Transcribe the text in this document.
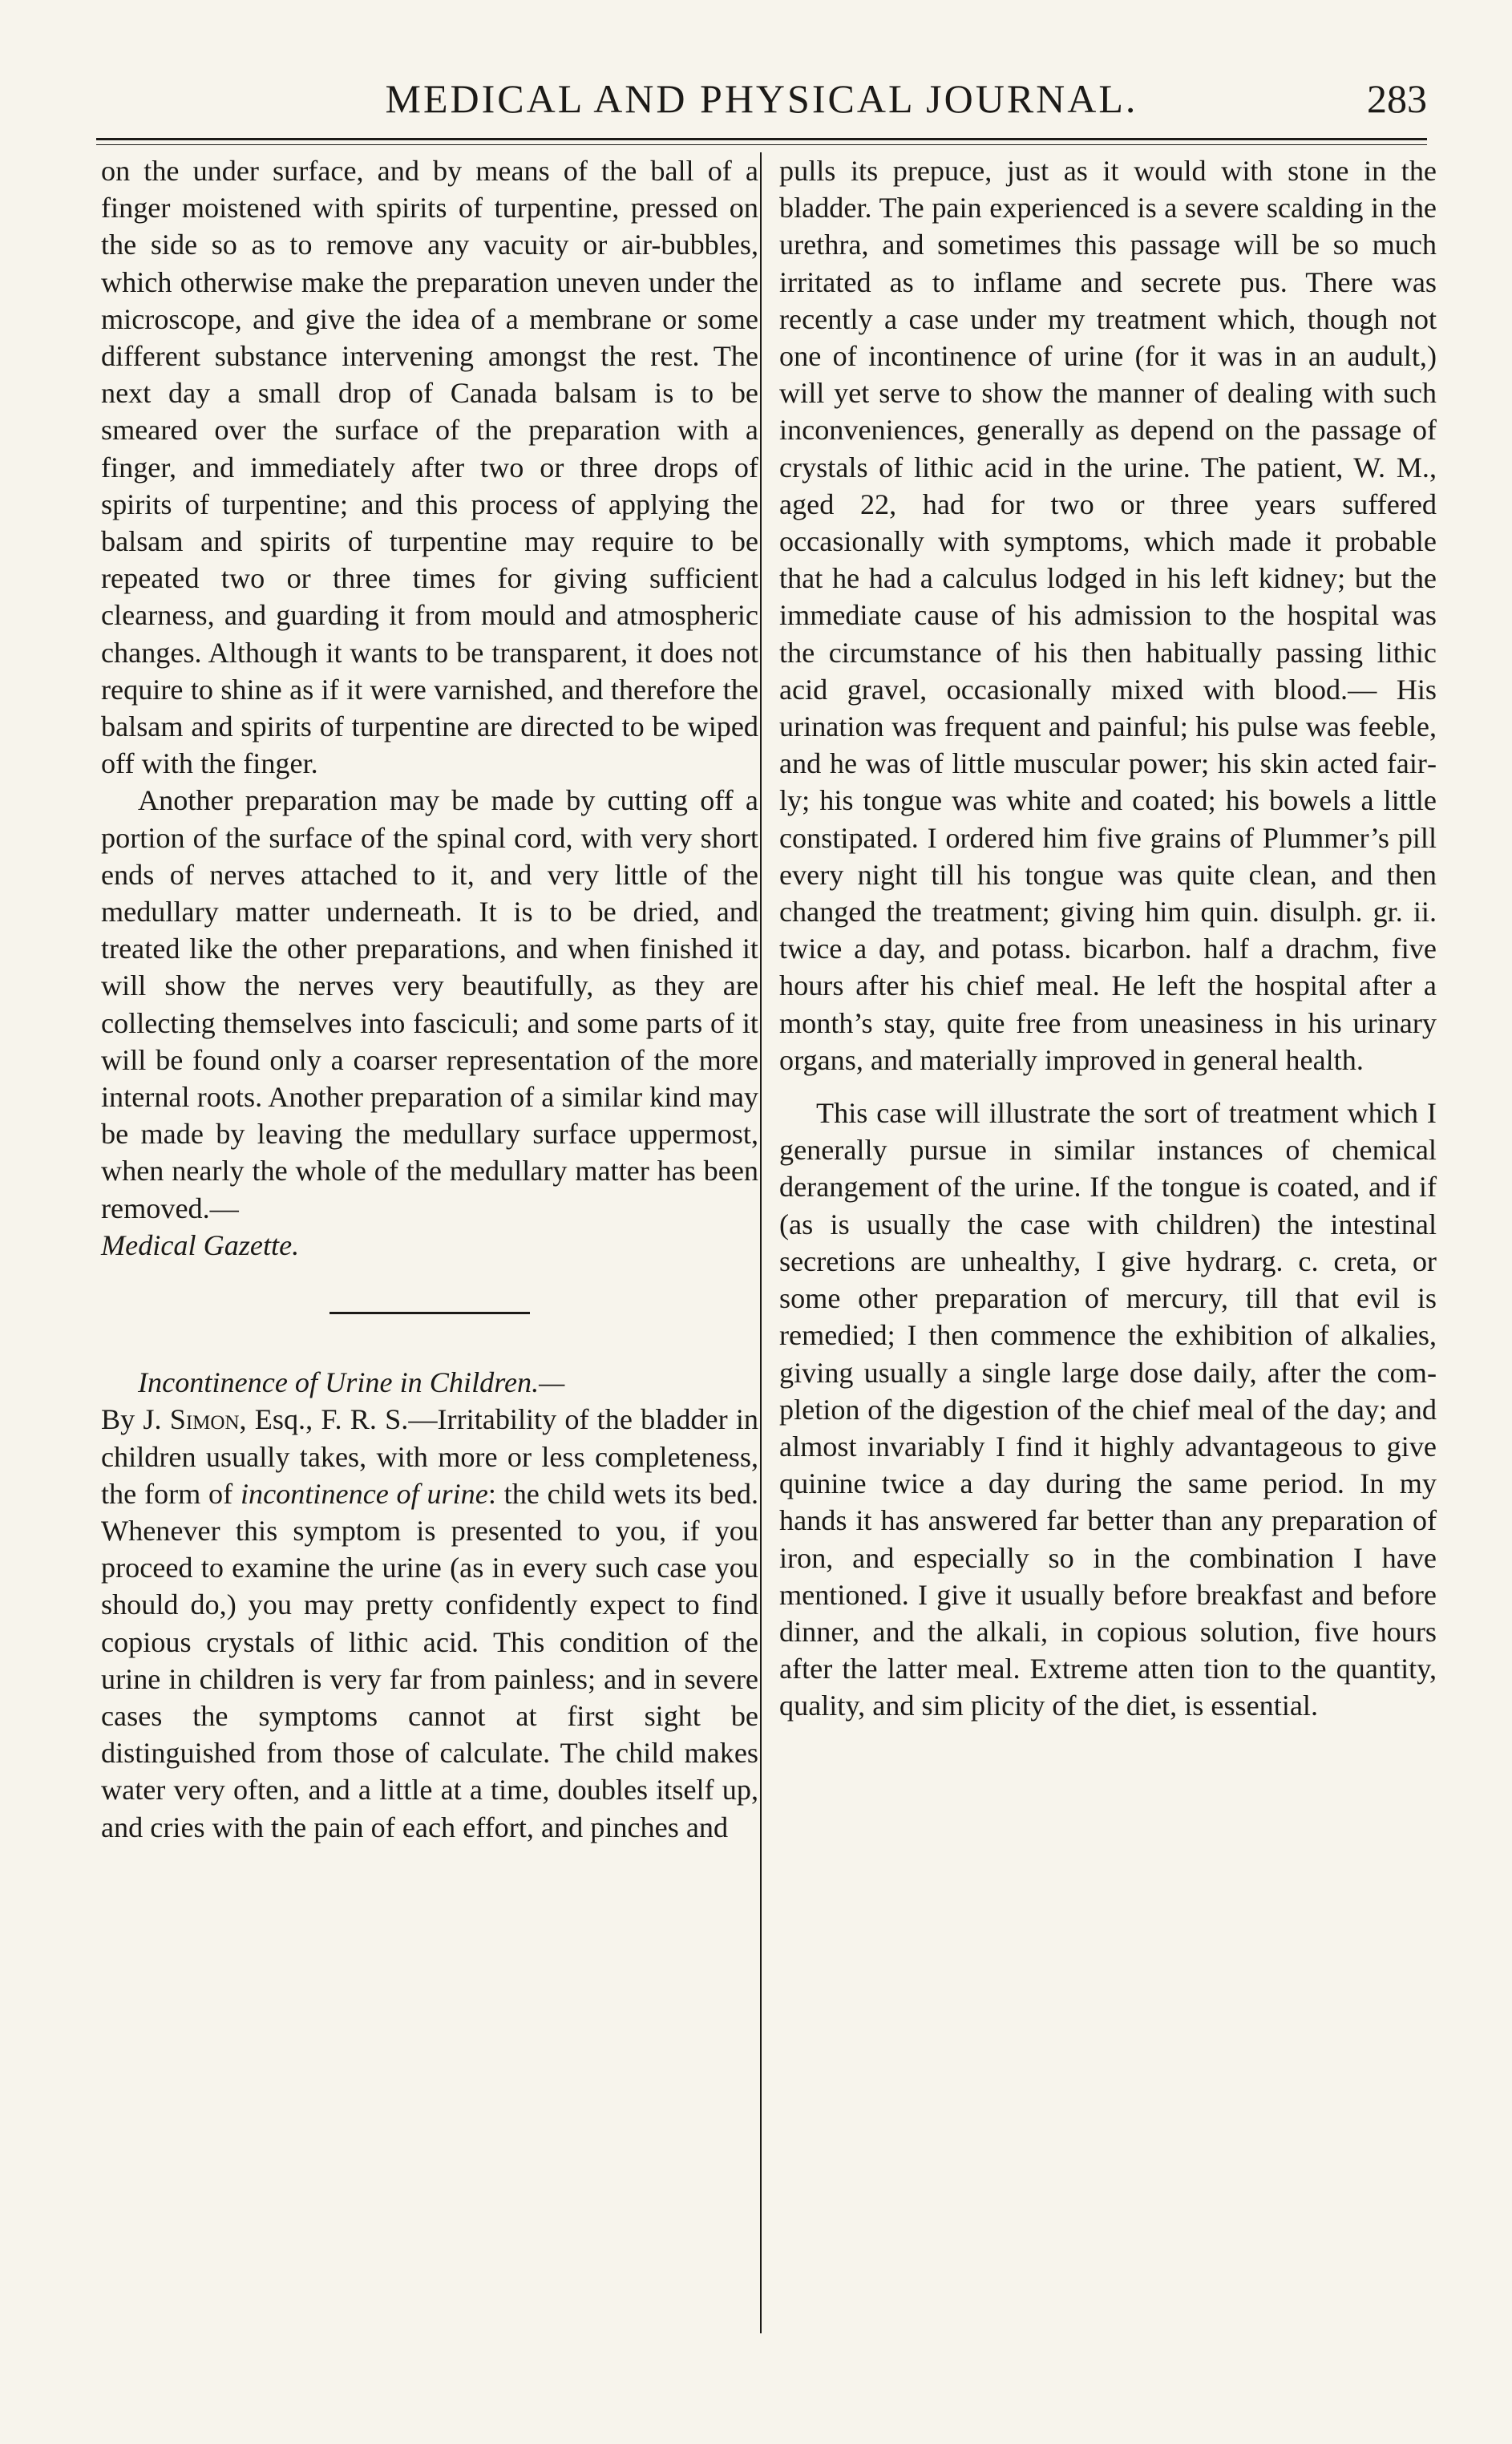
MEDICAL AND PHYSICAL JOURNAL.	283

on the under surface, and by means of the ball of a finger moistened with spirits of turpentine, pressed on the side so as to remove any vacuity or air-bubbles, which otherwise make the preparation uneven under the microscope, and give the idea of a membrane or some different substance intervening amongst the rest. The next day a small drop of Canada balsam is to be smeared over the surface of the preparation with a finger, and immediately after two or three drops of spirits of turpentine; and this process of applying the balsam and spirits of turpentine may require to be repeated two or three times for giving sufficient clearness, and guarding it from mould and atmospheric changes. Although it wants to be transparent, it does not require to shine as if it were varnished, and therefore the balsam and spirits of turpentine are directed to be wiped off with the finger.

Another preparation may be made by cutting off a portion of the surface of the spinal cord, with very short ends of nerves attached to it, and very little of the medullary matter underneath. It is to be dried, and treated like the other preparations, and when finished it will show the nerves very beautifully, as they are collecting themselves into fasciculi; and some parts of it will be found only a coarser representation of the more internal roots. Another preparation of a similar kind may be made by leaving the medullary surface uppermost, when nearly the whole of the medullary matter has been removed.—
Medical Gazette.

Incontinence of Urine in Children.—
By J. Simon, Esq., F. R. S.—Irritability of the bladder in children usually takes, with more or less completeness, the form of incontinence of urine: the child wets its bed. Whenever this symptom is presented to you, if you proceed to examine the urine (as in every such case you should do,) you may pretty confidently expect to find copious crystals of lithic acid. This condition of the urine in children is very far from painless; and in severe cases the symptoms cannot at first sight be distinguished from those of calculate. The child makes water very often, and a little at a time, doubles itself up, and cries with the pain of each effort, and pinches and

pulls its prepuce, just as it would with stone in the bladder. The pain experienced is a severe scalding in the urethra, and sometimes this passage will be so much irritated as to inflame and secrete pus. There was recently a case under my treatment which, though not one of incontinence of urine (for it was in an audult,) will yet serve to show the manner of dealing with such inconveniences, generally as depend on the passage of crystals of lithic acid in the urine. The patient, W. M., aged 22, had for two or three years suffered occasionally with symptoms, which made it probable that he had a calculus lodged in his left kidney; but the immediate cause of his admission to the hospital was the circumstance of his then habitually passing lithic acid gravel, occasionally mixed with blood.— His urination was frequent and painful; his pulse was feeble, and he was of little muscular power; his skin acted fairly; his tongue was white and coated; his bowels a little constipated. I ordered him five grains of Plummer’s pill every night till his tongue was quite clean, and then changed the treatment; giving him quin. disulph. gr. ii. twice a day, and potass. bicarbon. half a drachm, five hours after his chief meal. He left the hospital after a month’s stay, quite free from uneasiness in his urinary organs, and materially improved in general health.

This case will illustrate the sort of treatment which I generally pursue in similar instances of chemical derangement of the urine. If the tongue is coated, and if (as is usually the case with children) the intestinal secretions are unhealthy, I give hydrarg. c. creta, or some other preparation of mercury, till that evil is remedied; I then commence the exhibition of alkalies, giving usually a single large dose daily, after the completion of the digestion of the chief meal of the day; and almost invariably I find it highly advantageous to give quinine twice a day during the same period. In my hands it has answered far better than any preparation of iron, and especially so in the combination I have mentioned. I give it usually before breakfast and before dinner, and the alkali, in copious solution, five hours after the latter meal. Extreme atten tion to the quantity, quality, and sim plicity of the diet, is essential.
